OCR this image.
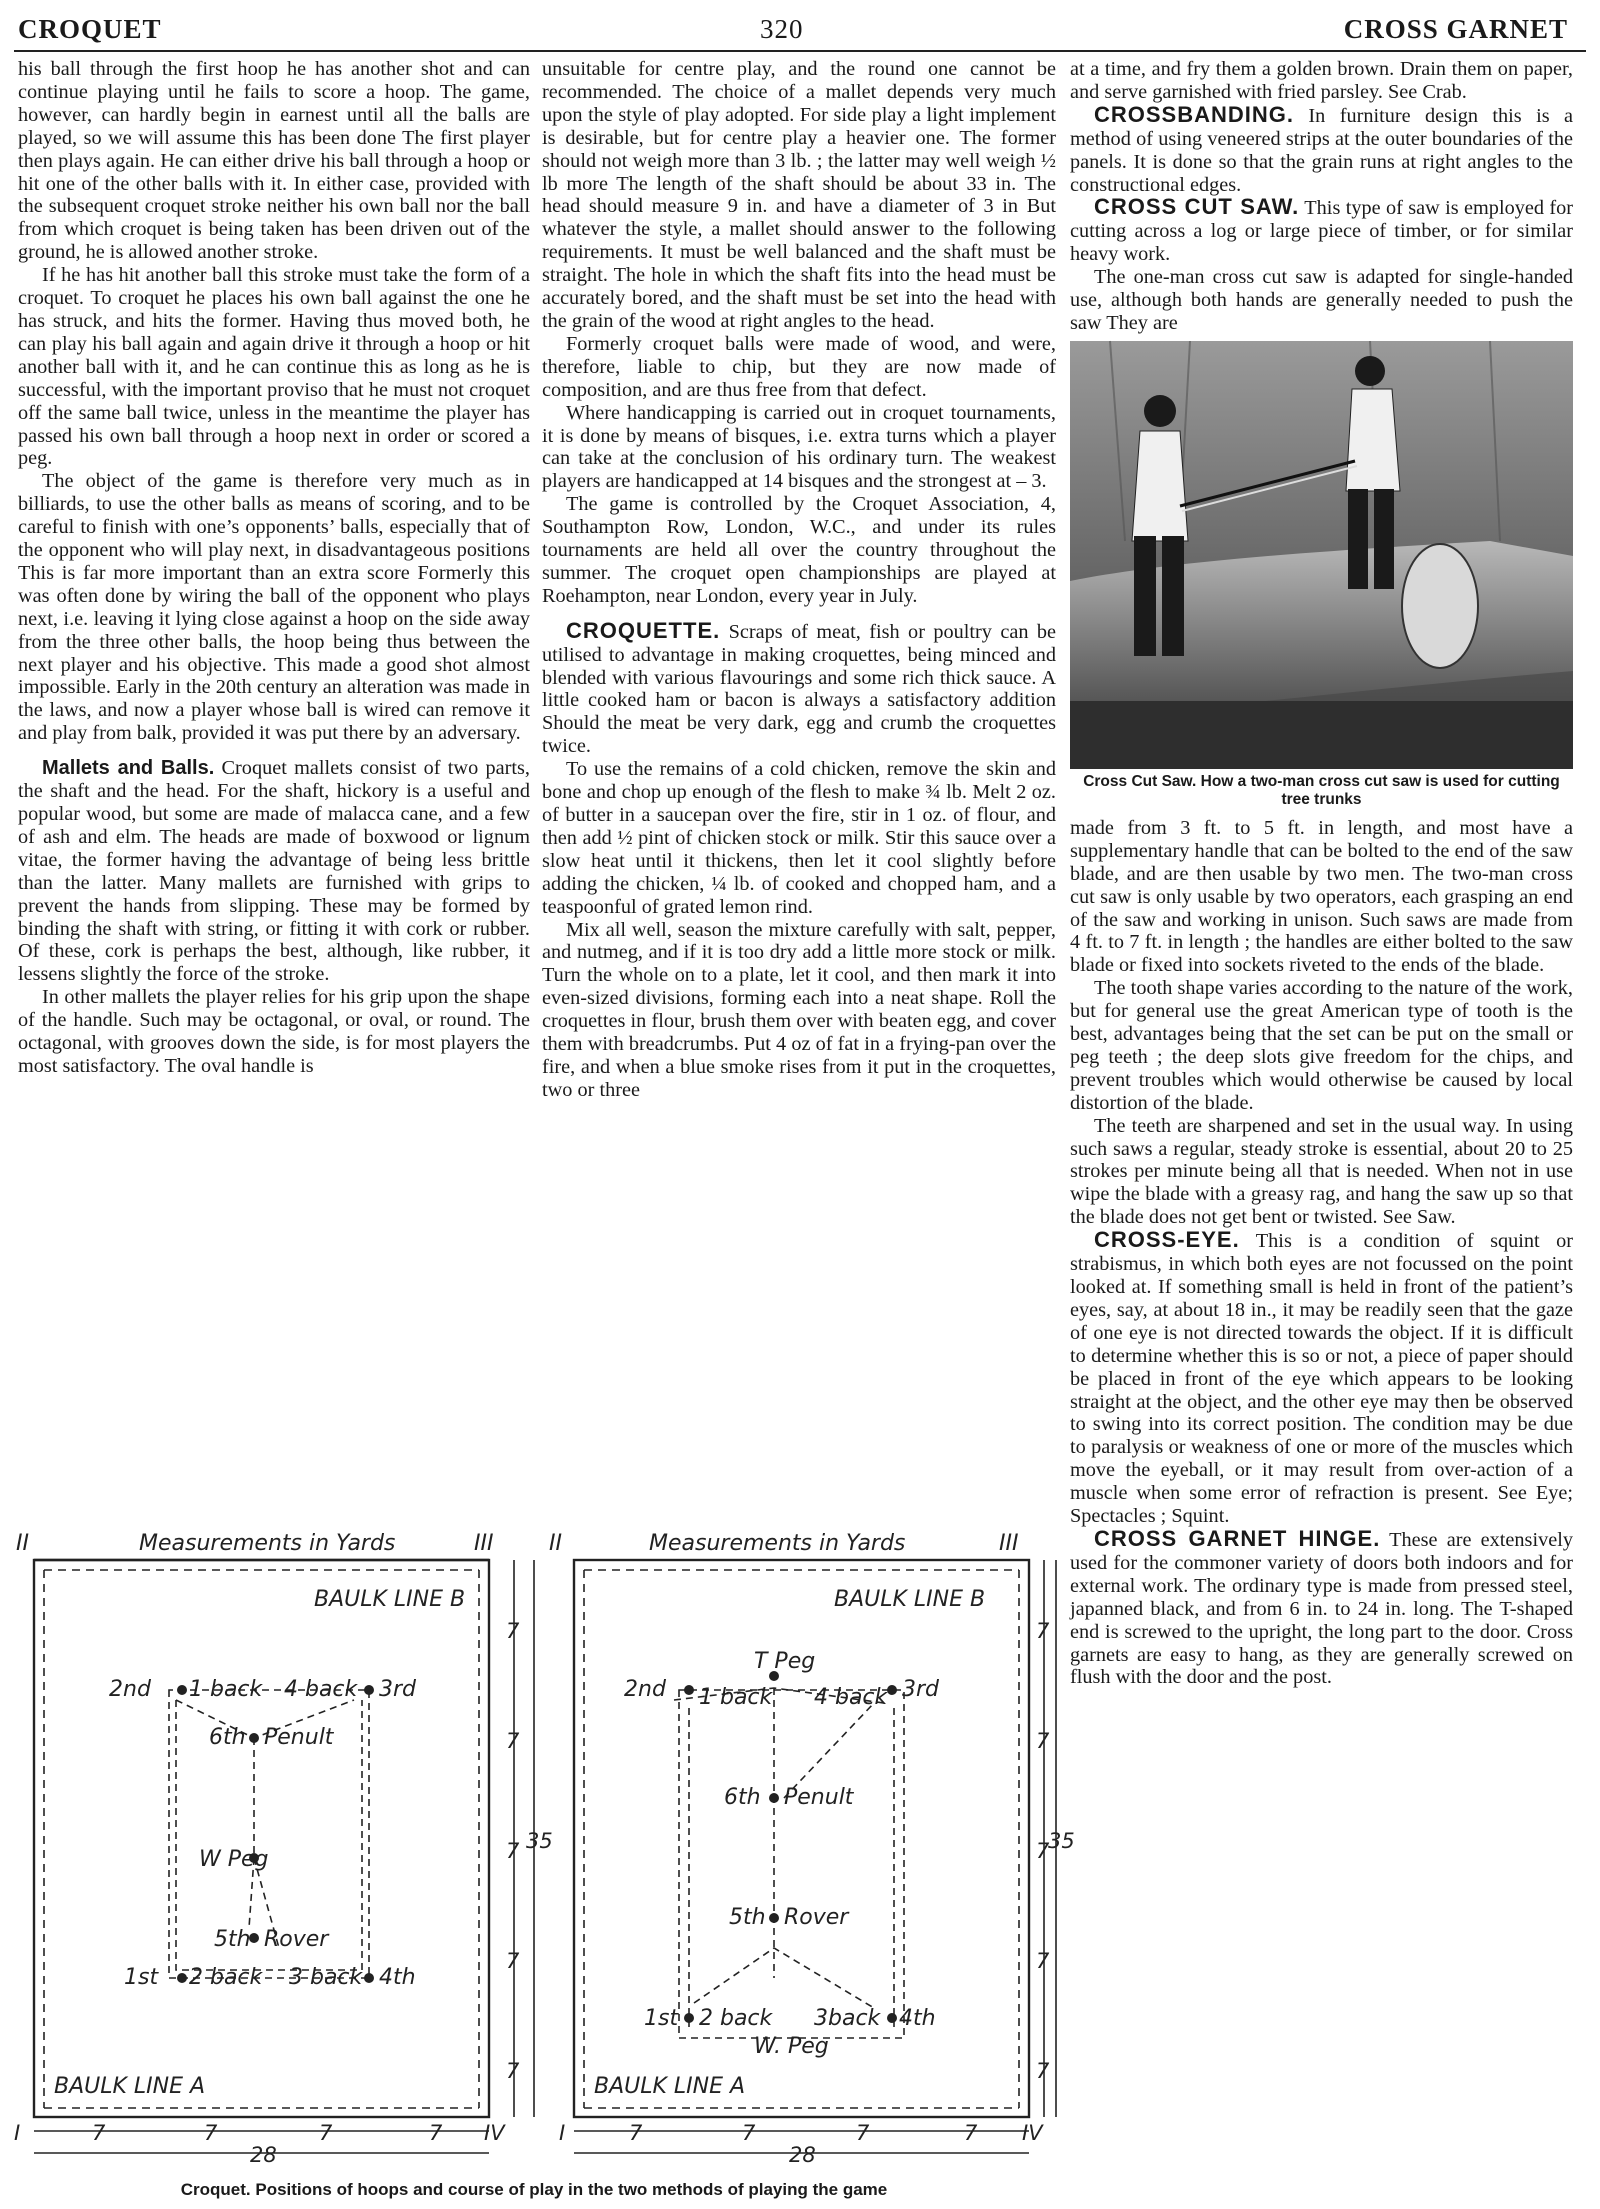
CROQUET	320	CROSS GARNET

his ball through the first hoop he has another shot and can continue playing until he fails to score a hoop. The game, however, can hardly begin in earnest until all the balls are played, so we will assume this has been done The first player then plays again. He can either drive his ball through a hoop or hit one of the other balls with it. In either case, provided with the subsequent croquet stroke neither his own ball nor the ball from which croquet is being taken has been driven out of the ground, he is allowed another stroke.

If he has hit another ball this stroke must take the form of a croquet. To croquet he places his own ball against the one he has struck, and hits the former. Having thus moved both, he can play his ball again and again drive it through a hoop or hit another ball with it, and he can continue this as long as he is successful, with the important proviso that he must not croquet off the same ball twice, unless in the meantime the player has passed his own ball through a hoop next in order or scored a peg.

The object of the game is therefore very much as in billiards, to use the other balls as means of scoring, and to be careful to finish with one’s opponents’ balls, especially that of the opponent who will play next, in disadvantageous positions This is far more important than an extra score Formerly this was often done by wiring the ball of the opponent who plays next, i.e. leaving it lying close against a hoop on the side away from the three other balls, the hoop being thus between the next player and his objective. This made a good shot almost impossible. Early in the 20th century an alteration was made in the laws, and now a player whose ball is wired can remove it and play from balk, provided it was put there by an adversary.

Mallets and Balls. Croquet mallets consist of two parts, the shaft and the head. For the shaft, hickory is a useful and popular wood, but some are made of malacca cane, and a few of ash and elm. The heads are made of boxwood or lignum vitae, the former having the advantage of being less brittle than the latter. Many mallets are furnished with grips to prevent the hands from slipping. These may be formed by binding the shaft with string, or fitting it with cork or rubber. Of these, cork is perhaps the best, although, like rubber, it lessens slightly the force of the stroke.

In other mallets the player relies for his grip upon the shape of the handle. Such may be octagonal, or oval, or round. The octagonal, with grooves down the side, is for most players the most satisfactory. The oval handle is

unsuitable for centre play, and the round one cannot be recommended. The choice of a mallet depends very much upon the style of play adopted. For side play a light implement is desirable, but for centre play a heavier one. The former should not weigh more than 3 lb. ; the latter may well weigh ½ lb more The length of the shaft should be about 33 in. The head should measure 9 in. and have a diameter of 3 in But whatever the style, a mallet should answer to the following requirements. It must be well balanced and the shaft must be straight. The hole in which the shaft fits into the head must be accurately bored, and the shaft must be set into the head with the grain of the wood at right angles to the head.

Formerly croquet balls were made of wood, and were, therefore, liable to chip, but they are now made of composition, and are thus free from that defect.

Where handicapping is carried out in croquet tournaments, it is done by means of bisques, i.e. extra turns which a player can take at the conclusion of his ordinary turn. The weakest players are handicapped at 14 bisques and the strongest at – 3.

The game is controlled by the Croquet Association, 4, Southampton Row, London, W.C., and under its rules tournaments are held all over the country throughout the summer. The croquet open championships are played at Roehampton, near London, every year in July.

CROQUETTE. Scraps of meat, fish or poultry can be utilised to advantage in making croquettes, being minced and blended with various flavourings and some rich thick sauce. A little cooked ham or bacon is always a satisfactory addition Should the meat be very dark, egg and crumb the croquettes twice.

To use the remains of a cold chicken, remove the skin and bone and chop up enough of the flesh to make ¾ lb. Melt 2 oz. of butter in a saucepan over the fire, stir in 1 oz. of flour, and then add ½ pint of chicken stock or milk. Stir this sauce over a slow heat until it thickens, then let it cool slightly before adding the chicken, ¼ lb. of cooked and chopped ham, and a teaspoonful of grated lemon rind.

Mix all well, season the mixture carefully with salt, pepper, and nutmeg, and if it is too dry add a little more stock or milk. Turn the whole on to a plate, let it cool, and then mark it into even-sized divisions, forming each into a neat shape. Roll the croquettes in flour, brush them over with beaten egg, and cover them with breadcrumbs. Put 4 oz of fat in a frying-pan over the fire, and when a blue smoke rises from it put in the croquettes, two or three

at a time, and fry them a golden brown. Drain them on paper, and serve garnished with fried parsley. See Crab.

CROSSBANDING. In furniture design this is a method of using veneered strips at the outer boundaries of the panels. It is done so that the grain runs at right angles to the constructional edges.

CROSS CUT SAW. This type of saw is employed for cutting across a log or large piece of timber, or for similar heavy work.

The one-man cross cut saw is adapted for single-handed use, although both hands are generally needed to push the saw They are

Cross Cut Saw. How a two-man cross cut saw is used for cutting tree trunks

made from 3 ft. to 5 ft. in length, and most have a supplementary handle that can be bolted to the end of the saw blade, and are then usable by two men. The two-man cross cut saw is only usable by two operators, each grasping an end of the saw and working in unison. Such saws are made from 4 ft. to 7 ft. in length ; the handles are either bolted to the saw blade or fixed into sockets riveted to the ends of the blade.

The tooth shape varies according to the nature of the work, but for general use the great American type of tooth is the best, advantages being that the set can be put on the small or peg teeth ; the deep slots give freedom for the chips, and prevent troubles which would otherwise be caused by local distortion of the blade.

The teeth are sharpened and set in the usual way. In using such saws a regular, steady stroke is essential, about 20 to 25 strokes per minute being all that is needed. When not in use wipe the blade with a greasy rag, and hang the saw up so that the blade does not get bent or twisted. See Saw.

CROSS-EYE. This is a condition of squint or strabismus, in which both eyes are not focussed on the point looked at. If something small is held in front of the patient’s eyes, say, at about 18 in., it may be readily seen that the gaze of one eye is not directed towards the object. If it is difficult to determine whether this is so or not, a piece of paper should be placed in front of the eye which appears to be looking straight at the object, and the other eye may then be observed to swing into its correct position. The condition may be due to paralysis or weakness of one or more of the muscles which move the eyeball, or it may result from over-action of a muscle when some error of refraction is present. See Eye; Spectacles ; Squint.

CROSS GARNET HINGE. These are extensively used for the commoner variety of doors both indoors and for external work. The ordinary type is made from pressed steel, japanned black, and from 6 in. to 24 in. long. The T-shaped end is screwed to the upright, the long part to the door. Cross garnets are easy to hang, as they are generally screwed on flush with the door and the post.

Measurements in Yards	Measurements in Yards
II	III	II	III
BAULK LINE B	BAULK LINE B
BAULK LINE A	BAULK LINE A
2nd 1 back 4 back 3rd
6th Penult
W Peg
5th Rover
1st 2 back 3 back 4th
T Peg
2nd 1 back 4 back 3rd
6th Penult
5th Rover
1st 2 back 3back 4th
W. Peg
I	7	7	7	7 IV
28
I	7	7	7	7 IV
28
7
7
7
7
7
35
7
7
7
7
7
35
Croquet. Positions of hoops and course of play in the two methods of playing the game
